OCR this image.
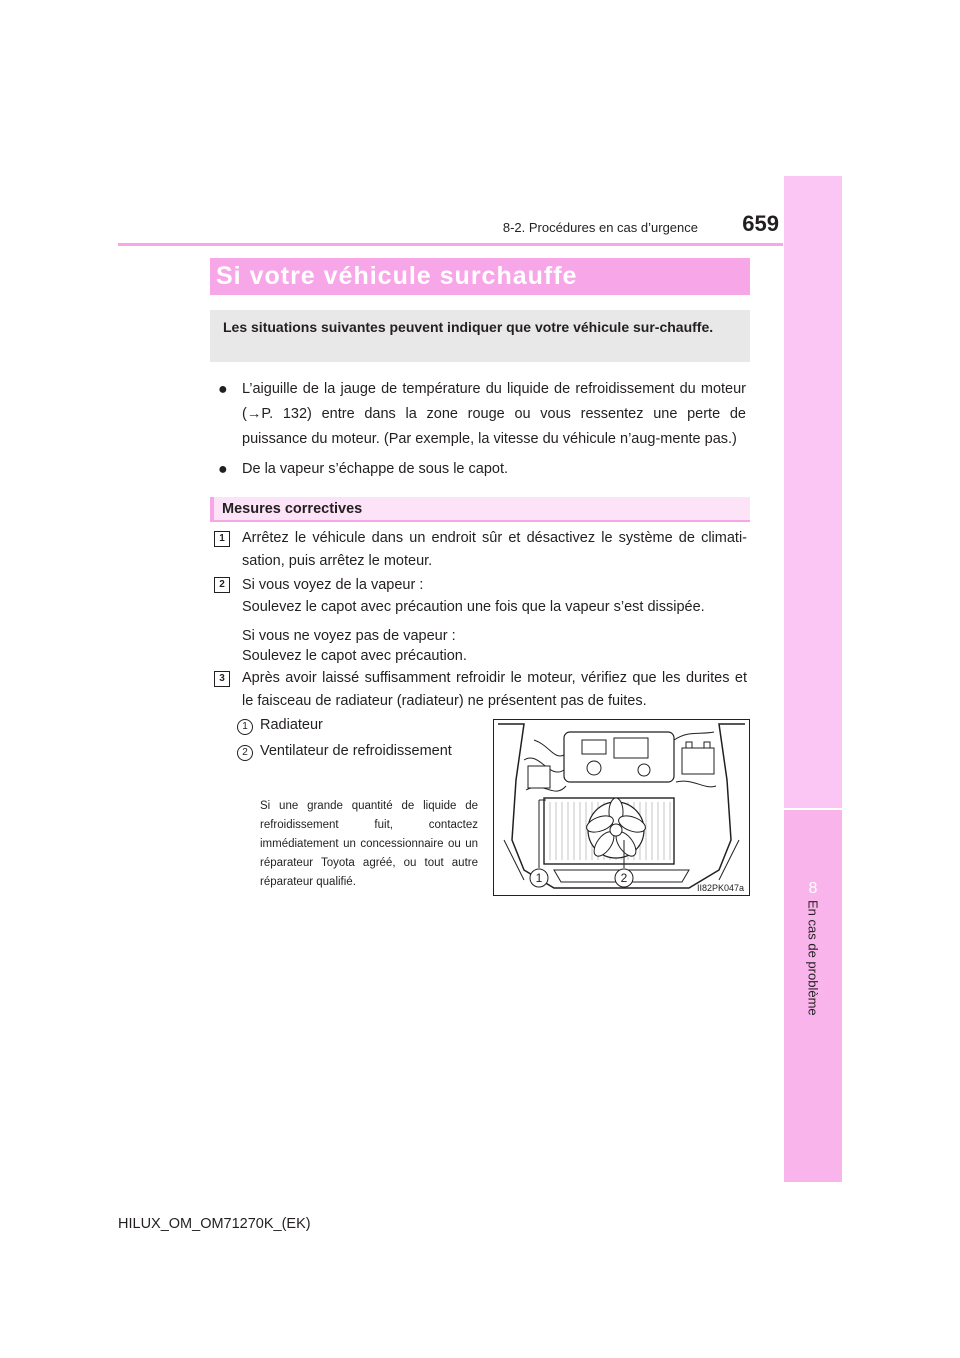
8
En cas de problème
8-2. Procédures en cas d’urgence	659
Si votre véhicule surchauffe
Les situations suivantes peuvent indiquer que votre véhicule sur-chauffe.
● L’aiguille de la jauge de température du liquide de refroidissement du moteur (→P. 132) entre dans la zone rouge ou vous ressentez une perte de puissance du moteur. (Par exemple, la vitesse du véhicule n’aug-mente pas.)
● De la vapeur s’échappe de sous le capot.
Mesures correctives
1	Arrêtez le véhicule dans un endroit sûr et désactivez le système de climati-sation, puis arrêtez le moteur.
2	Si vous voyez de la vapeur :
Soulevez le capot avec précaution une fois que la vapeur s’est dissipée.
Si vous ne voyez pas de vapeur :
Soulevez le capot avec précaution.
3	Après avoir laissé suffisamment refroidir le moteur, vérifiez que les durites et le faisceau de radiateur (radiateur) ne présentent pas de fuites.
1 Radiateur
2 Ventilateur de refroidissement
Si une grande quantité de liquide de refroidissement fuit, contactez immédiatement un concessionnaire ou un réparateur Toyota agréé, ou tout autre réparateur qualifié.	1	2
II82PK047a
HILUX_OM_OM71270K_(EK)
